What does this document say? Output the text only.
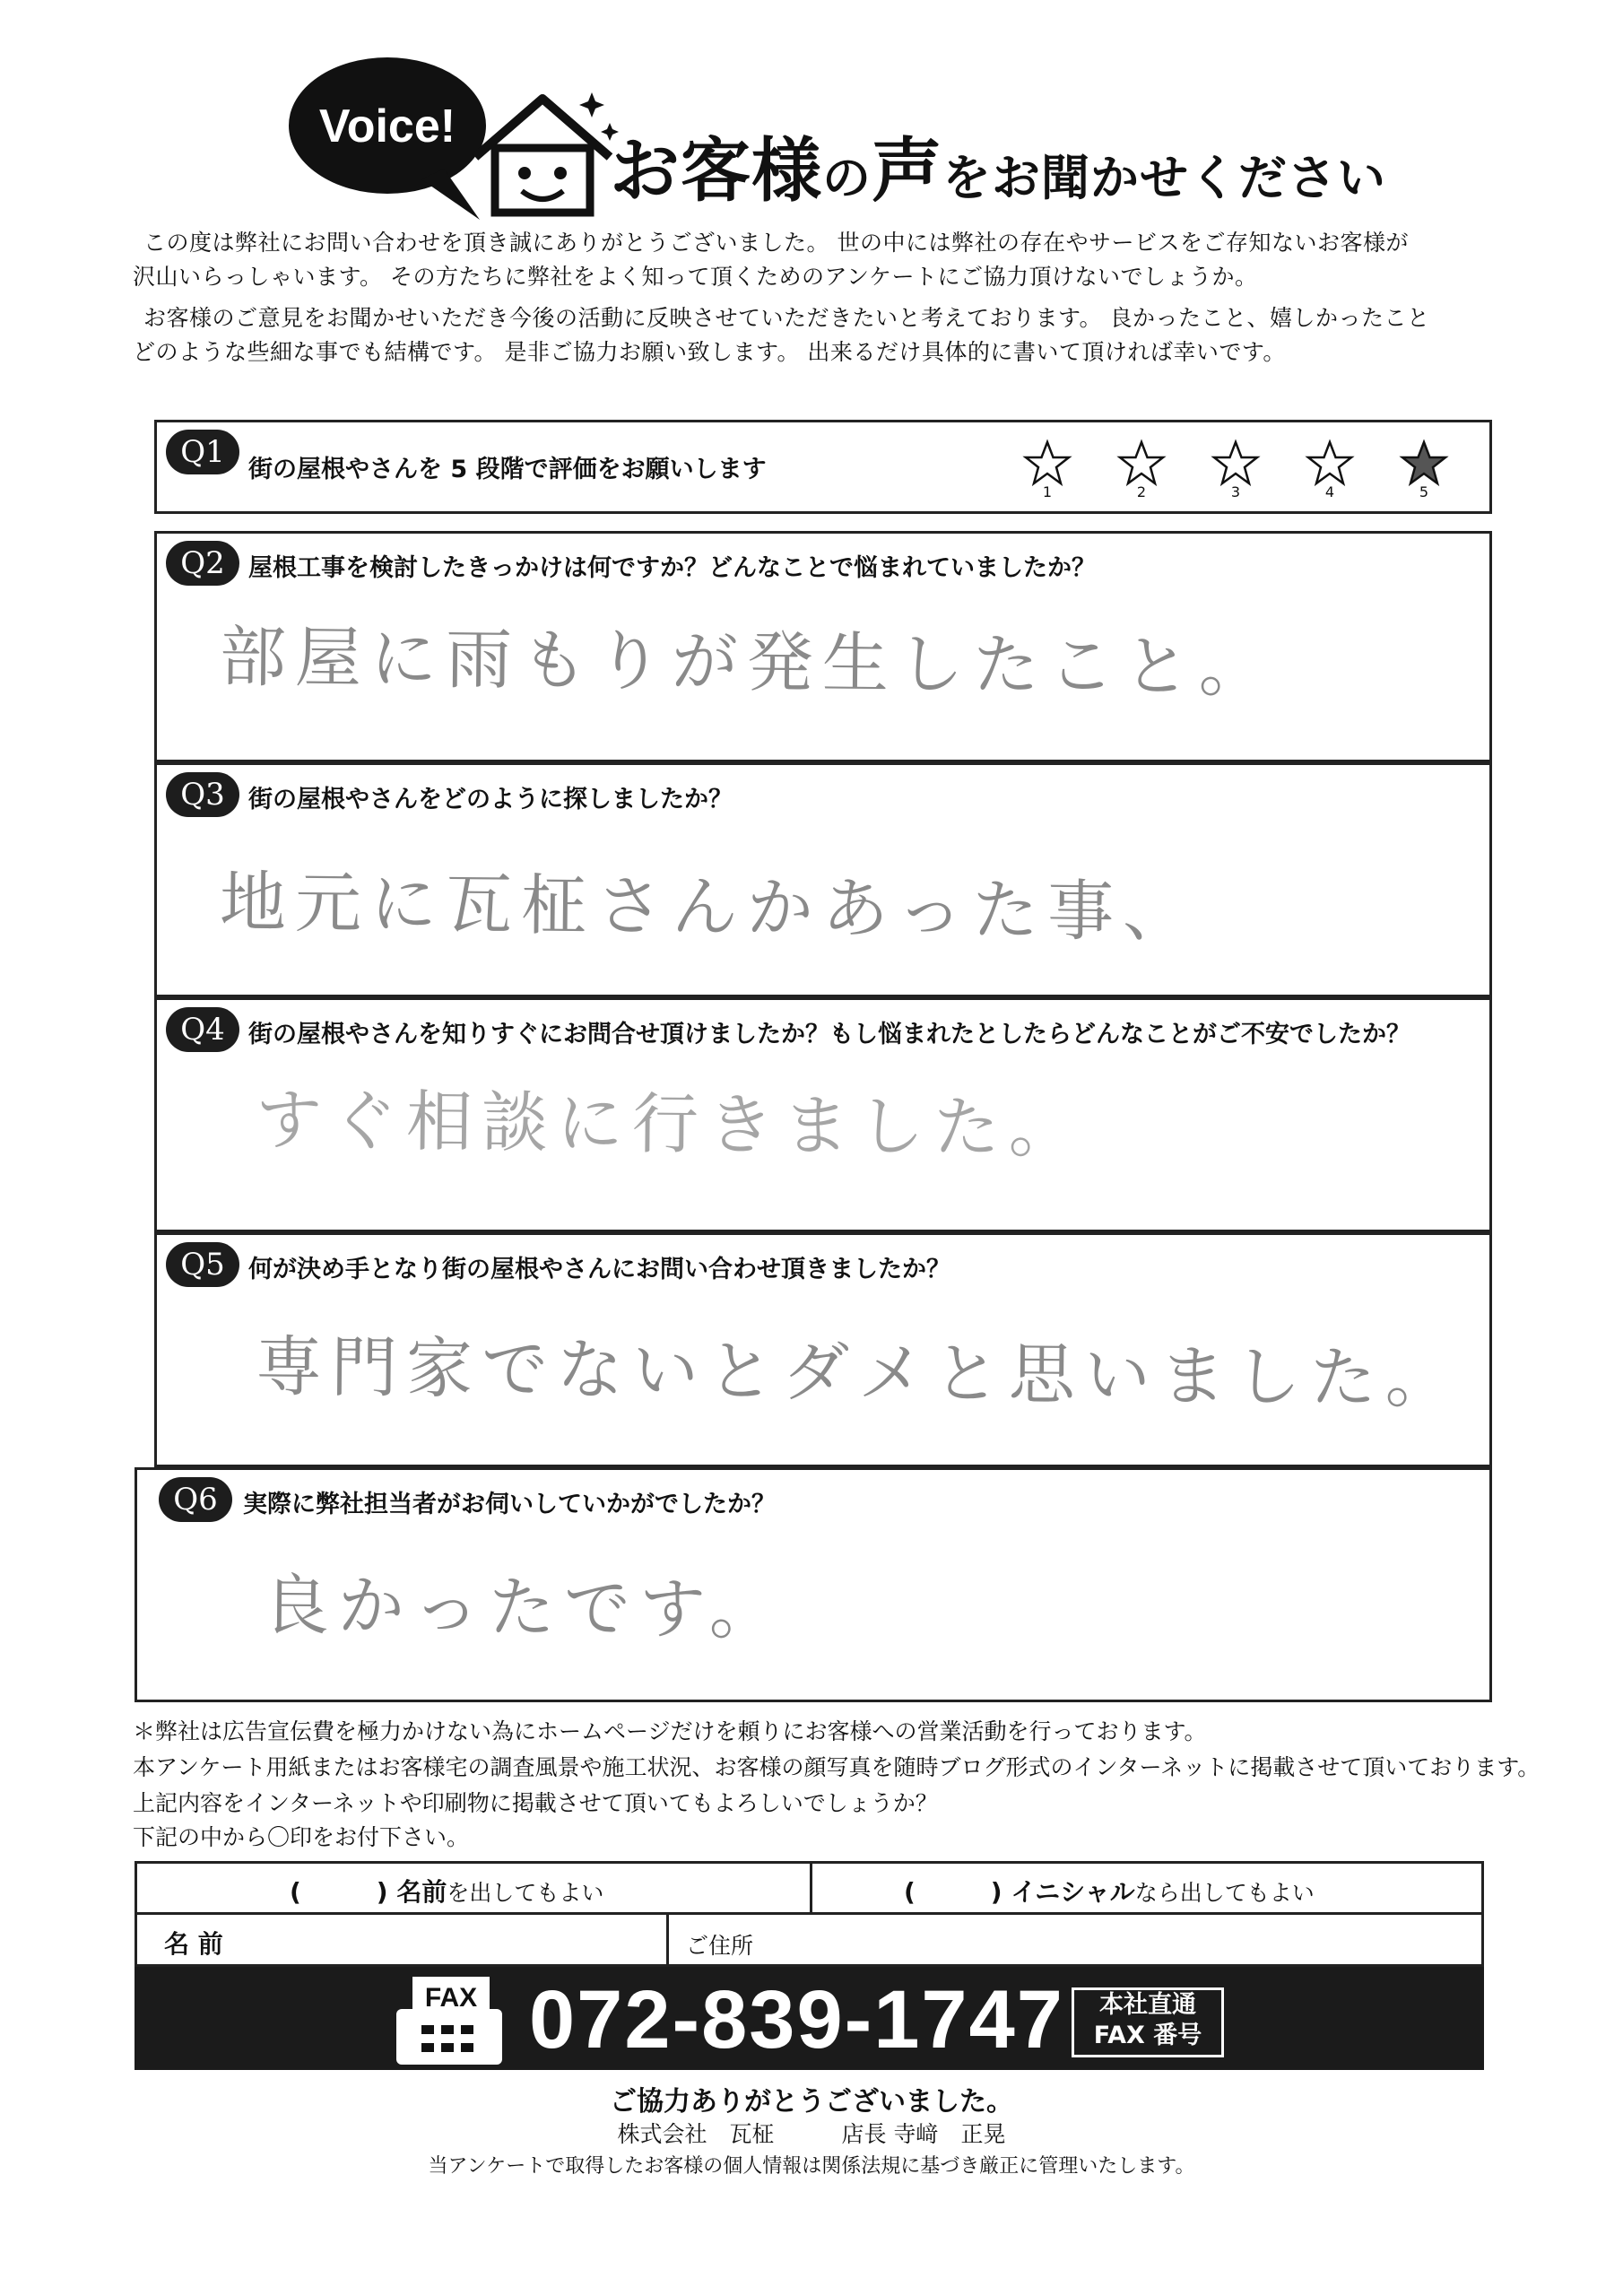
Voice!
お客様の声をお聞かせください
この度は弊社にお問い合わせを頂き誠にありがとうございました。 世の中には弊社の存在やサービスをご存知ないお客様が
沢山いらっしゃいます。 その方たちに弊社をよく知って頂くためのアンケートにご協力頂けないでしょうか。
お客様のご意見をお聞かせいただき今後の活動に反映させていただきたいと考えております。 良かったこと、嬉しかったこと
どのような些細な事でも結構です。 是非ご協力お願い致します。 出来るだけ具体的に書いて頂ければ幸いです。
Q1 街の屋根やさんを 5 段階で評価をお願いします
1	2	3	4	5
Q2 屋根工事を検討したきっかけは何ですか？どんなことで悩まれていましたか？
部屋に雨もりが発生したこと。
Q3 街の屋根やさんをどのように探しましたか？
地元に瓦柾さんかあった事、
Q4 街の屋根やさんを知りすぐにお問合せ頂けましたか？もし悩まれたとしたらどんなことがご不安でしたか？
すぐ相談に行きました。
Q5 何が決め手となり街の屋根やさんにお問い合わせ頂きましたか？
専門家でないとダメと思いました。
Q6	実際に弊社担当者がお伺いしていかがでしたか？
良かったです。
＊弊社は広告宣伝費を極力かけない為にホームページだけを頼りにお客様への営業活動を行っております。
本アンケート用紙またはお客様宅の調査風景や施工状況、お客様の顔写真を随時ブログ形式のインターネットに掲載させて頂いております。
上記内容をインターネットや印刷物に掲載させて頂いてもよろしいでしょうか？
下記の中から〇印をお付下さい。
(　　　) 名前を出してもよい	(　　　) イニシャルなら出してもよい
名 前	ご住所
FAX 072-839-1747	本社直通
FAX 番号
ご協力ありがとうございました。
株式会社　瓦柾　　　店長 寺﨑　正晃
当アンケートで取得したお客様の個人情報は関係法規に基づき厳正に管理いたします。
